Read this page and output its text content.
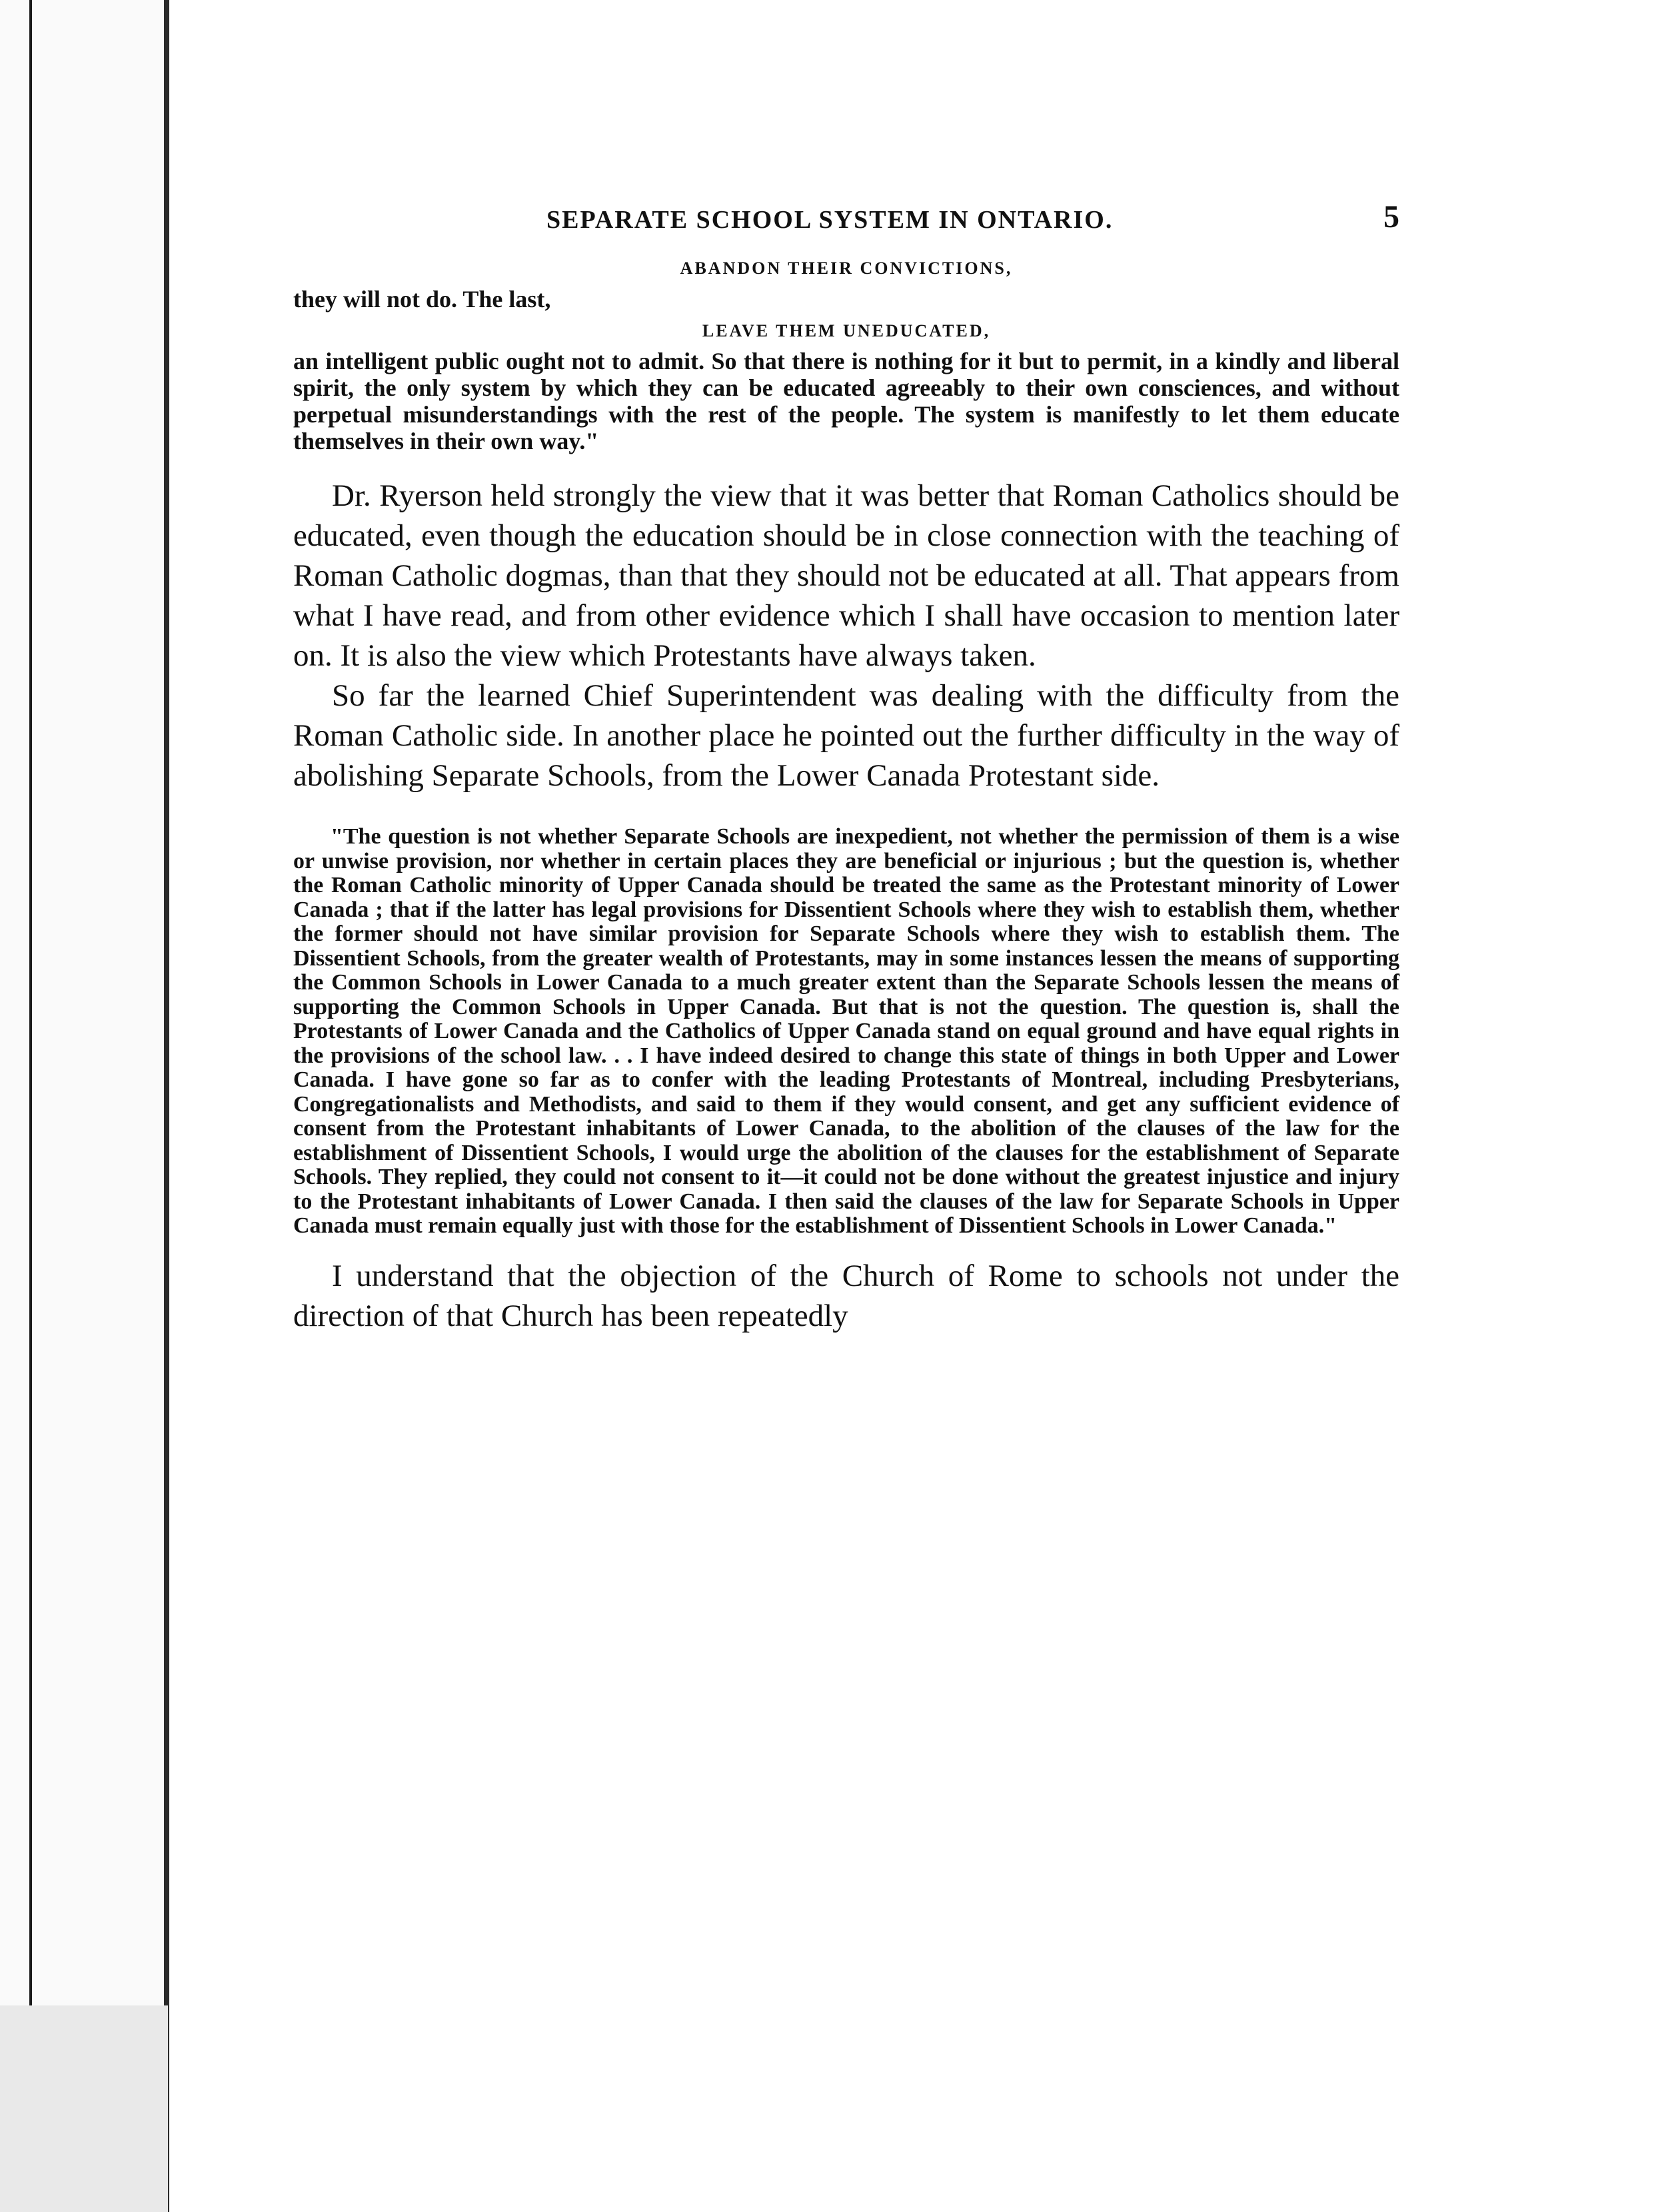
SEPARATE SCHOOL SYSTEM IN ONTARIO.	5
ABANDON THEIR CONVICTIONS,
they will not do. The last,
LEAVE THEM UNEDUCATED,

an intelligent public ought not to admit. So that there is nothing for it but to permit, in a kindly and liberal spirit, the only system by which they can be educated agreeably to their own consciences, and without perpetual misunderstandings with the rest of the people. The system is manifestly to let them educate themselves in their own way."

Dr. Ryerson held strongly the view that it was better that Roman Catholics should be educated, even though the education should be in close connection with the teaching of Roman Catholic dogmas, than that they should not be educated at all. That appears from what I have read, and from other evidence which I shall have occasion to mention later on. It is also the view which Protestants have always taken.

So far the learned Chief Superintendent was dealing with the difficulty from the Roman Catholic side. In another place he pointed out the further difficulty in the way of abolishing Separate Schools, from the Lower Canada Protestant side.

"The question is not whether Separate Schools are inexpedient, not whether the permission of them is a wise or unwise provision, nor whether in certain places they are beneficial or injurious ; but the question is, whether the Roman Catholic minority of Upper Canada should be treated the same as the Protestant minority of Lower Canada ; that if the latter has legal provisions for Dissentient Schools where they wish to establish them, whether the former should not have similar provision for Separate Schools where they wish to establish them. The Dissentient Schools, from the greater wealth of Protestants, may in some instances lessen the means of supporting the Common Schools in Lower Canada to a much greater extent than the Separate Schools lessen the means of supporting the Common Schools in Upper Canada. But that is not the question. The question is, shall the Protestants of Lower Canada and the Catholics of Upper Canada stand on equal ground and have equal rights in the provisions of the school law. . . I have indeed desired to change this state of things in both Upper and Lower Canada. I have gone so far as to confer with the leading Protestants of Montreal, including Presbyterians, Congregationalists and Methodists, and said to them if they would consent, and get any sufficient evidence of consent from the Protestant inhabitants of Lower Canada, to the abolition of the clauses of the law for the establishment of Dissentient Schools, I would urge the abolition of the clauses for the establishment of Separate Schools. They replied, they could not consent to it—it could not be done without the greatest injustice and injury to the Protestant inhabitants of Lower Canada. I then said the clauses of the law for Separate Schools in Upper Canada must remain equally just with those for the establishment of Dissentient Schools in Lower Canada."

I understand that the objection of the Church of Rome to schools not under the direction of that Church has been repeatedly
